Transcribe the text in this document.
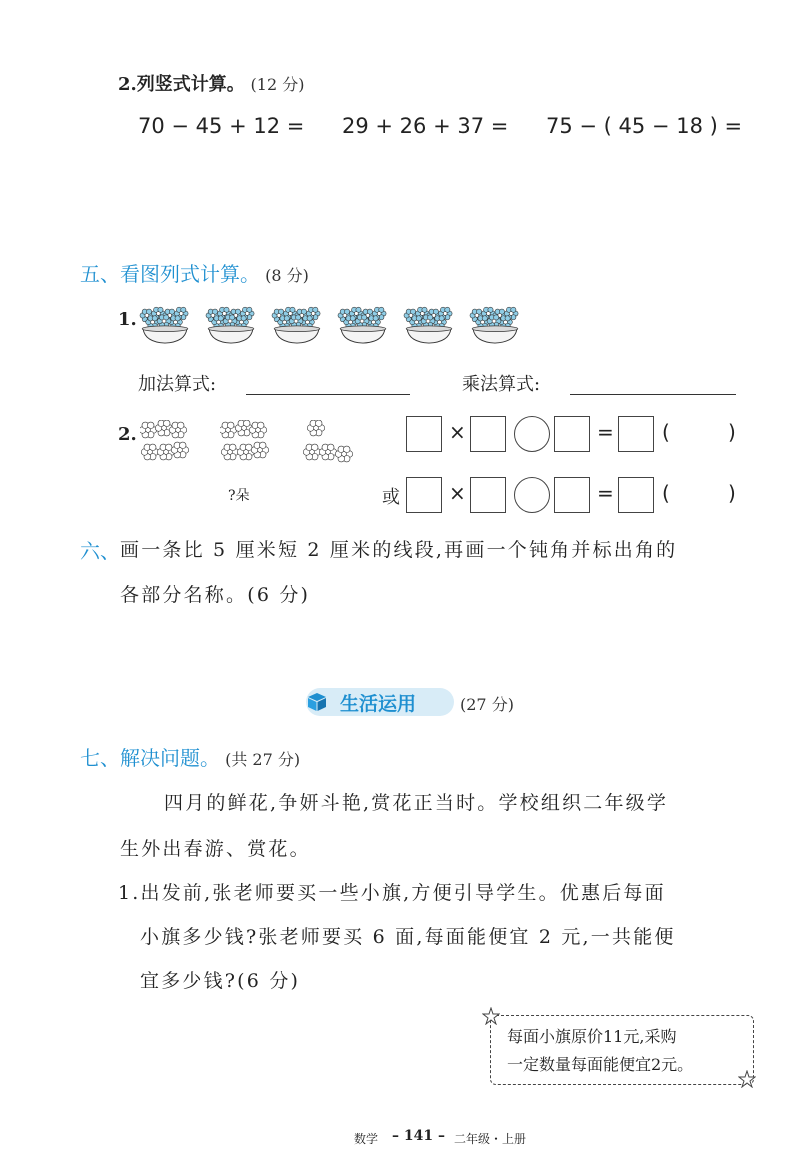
2.列竖式计算。 (12 分)
70 − 45 + 12 = 29 + 26 + 37 = 75 − ( 45 − 18 ) =
五、看图列式计算。 (8 分)
1.
加法算式:	乘法算式:
2.
?朵
×	= (	)
或 ×	= (	)
六、 画一条比 5 厘米短 2 厘米的线段,再画一个钝角并标出角的
各部分名称。(6 分)
生活运用	(27 分)
七、解决问题。 (共 27 分)
四月的鲜花,争妍斗艳,赏花正当时。学校组织二年级学
生外出春游、赏花。
1.出发前,张老师要买一些小旗,方便引导学生。优惠后每面
小旗多少钱?张老师要买 6 面,每面能便宜 2 元,一共能便
宜多少钱?(6 分)
每面小旗原价11元,采购
一定数量每面能便宜2元。
数学 – 141 – 二年级・上册
